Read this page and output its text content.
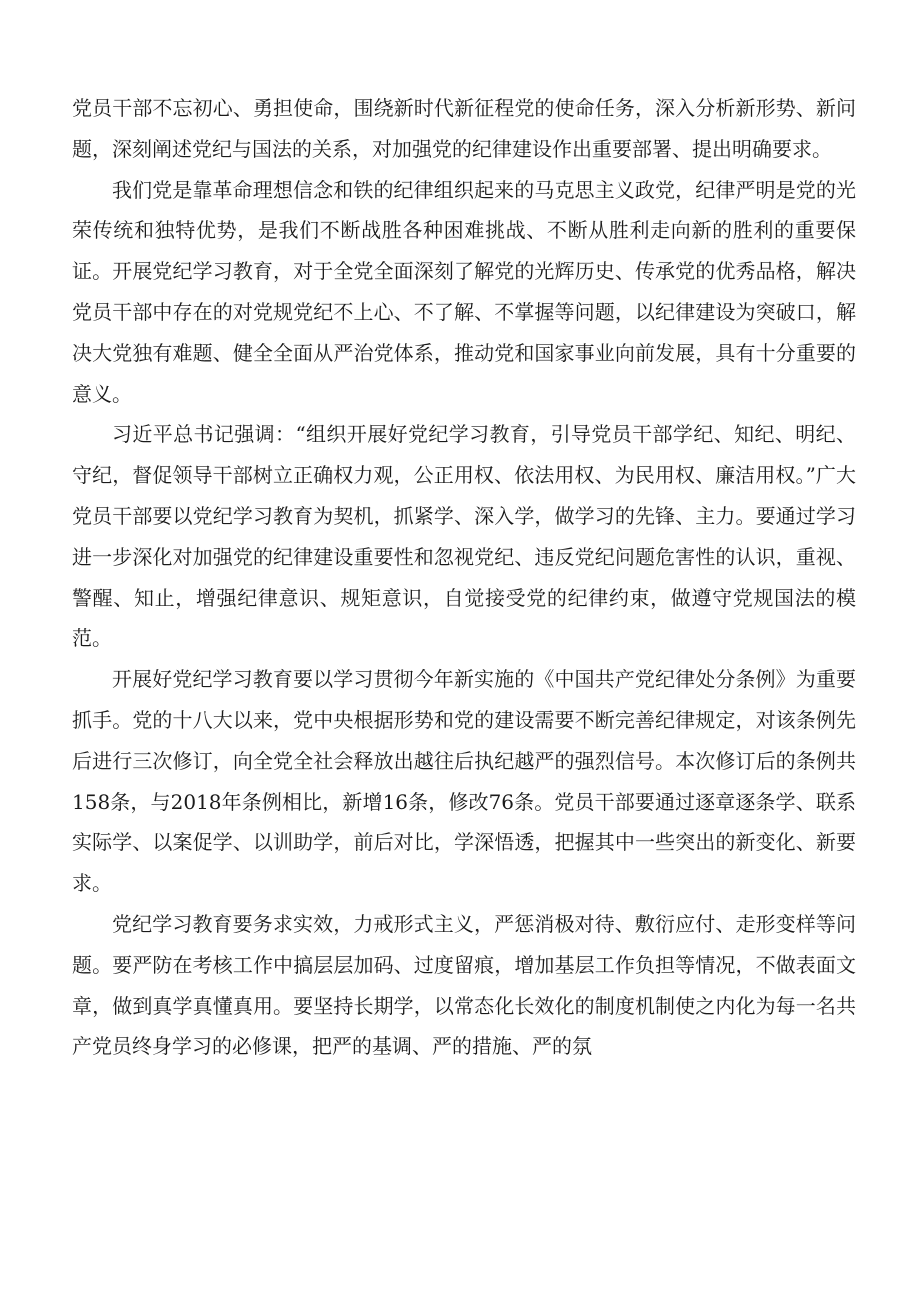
党员干部不忘初心、勇担使命，围绕新时代新征程党的使命任务，深入分析新形势、新问题，深刻阐述党纪与国法的关系，对加强党的纪律建设作出重要部署、提出明确要求。

我们党是靠革命理想信念和铁的纪律组织起来的马克思主义政党，纪律严明是党的光荣传统和独特优势，是我们不断战胜各种困难挑战、不断从胜利走向新的胜利的重要保证。开展党纪学习教育，对于全党全面深刻了解党的光辉历史、传承党的优秀品格，解决党员干部中存在的对党规党纪不上心、不了解、不掌握等问题，以纪律建设为突破口，解决大党独有难题、健全全面从严治党体系，推动党和国家事业向前发展，具有十分重要的意义。

习近平总书记强调：“组织开展好党纪学习教育，引导党员干部学纪、知纪、明纪、守纪，督促领导干部树立正确权力观，公正用权、依法用权、为民用权、廉洁用权。”广大党员干部要以党纪学习教育为契机，抓紧学、深入学，做学习的先锋、主力。要通过学习进一步深化对加强党的纪律建设重要性和忽视党纪、违反党纪问题危害性的认识，重视、警醒、知止，增强纪律意识、规矩意识，自觉接受党的纪律约束，做遵守党规国法的模范。

开展好党纪学习教育要以学习贯彻今年新实施的《中国共产党纪律处分条例》为重要抓手。党的十八大以来，党中央根据形势和党的建设需要不断完善纪律规定，对该条例先后进行三次修订，向全党全社会释放出越往后执纪越严的强烈信号。本次修订后的条例共158条，与2018年条例相比，新增16条，修改76条。党员干部要通过逐章逐条学、联系实际学、以案促学、以训助学，前后对比，学深悟透，把握其中一些突出的新变化、新要求。

党纪学习教育要务求实效，力戒形式主义，严惩消极对待、敷衍应付、走形变样等问题。要严防在考核工作中搞层层加码、过度留痕，增加基层工作负担等情况，不做表面文章，做到真学真懂真用。要坚持长期学，以常态化长效化的制度机制使之内化为每一名共产党员终身学习的必修课，把严的基调、严的措施、严的氛
